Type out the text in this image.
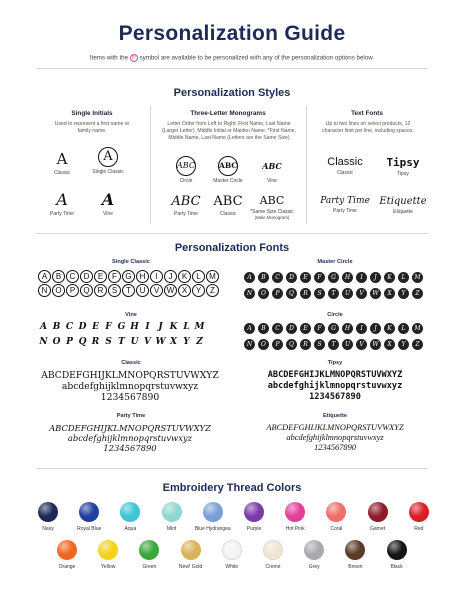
Personalization Guide
Items with the P symbol are available to be personalized with any of the personalization options below.
Personalization Styles
Single Initials
Used to represent a first name or family name.
A
Classic
A
Single Classic
A
Party Time
A
Vine
Three-Letter Monograms
Letter Order from Left to Right: First Name, Last Name (Larger Letter), Middle Initial or Maiden Name. *First Name, Middle Name, Last Name (Letters are the Same Size)
ABC
Circle
ABC
Master Circle
ABC
Vine
ABC
Party Time
ABC
Classic
ABC
*Same Size Classic
(Male Monogram)
Text Fonts
Up to two lines on select products, 12 character limit per line, including spaces.
Classic
Classic
Tipsy
Tipsy
Party Time
Party Time
Etiquette
Etiquette
Personalization Fonts
Single Classic
A	B	C	D	E	F	G	H	I	J	K	L	M
N O	P	Q	R	S	T	U	V W X	Y	Z
Master Circle
A	B	C	D	E	F	G	H	I	J	K	L	M
N	O	P	Q	R	S	T	U	V	W	X	Y	Z
Vine
A B C D E F G H I J K L M
N O P Q R S T U V W X Y Z
Circle
A	B	C	D	E	F	G	H	I	J	K	L	M
N	O	P	Q	R	S	T	U	V	W	X	Y	Z
Classic
ABCDEFGHIJKLMNOPQRSTUVWXYZ
abcdefghijklmnopqrstuvwxyz
1234567890
Tipsy
ABCDEFGHIJKLMNOPQRSTUVWXYZ
abcdefghijklmnopqrstuvwxyz
1234567890
Party Time
ABCDEFGHIJKLMNOPQRSTUVWXYZ
abcdefghijklmnopqrstuvwxyz
1234567890
Etiquette
ABCDEFGHIJKLMNOPQRSTUVWXYZ
abcdefghijklmnopqrstuvwxyz
1234567890
Embroidery Thread Colors
Navy	Royal Blue	Aqua	Mint	Blue Hydrangea	Purple	Hot Pink	Coral	Garnet	Red
Orange	Yellow	Green	New! Gold	White	Creme	Grey	Brown	Black
